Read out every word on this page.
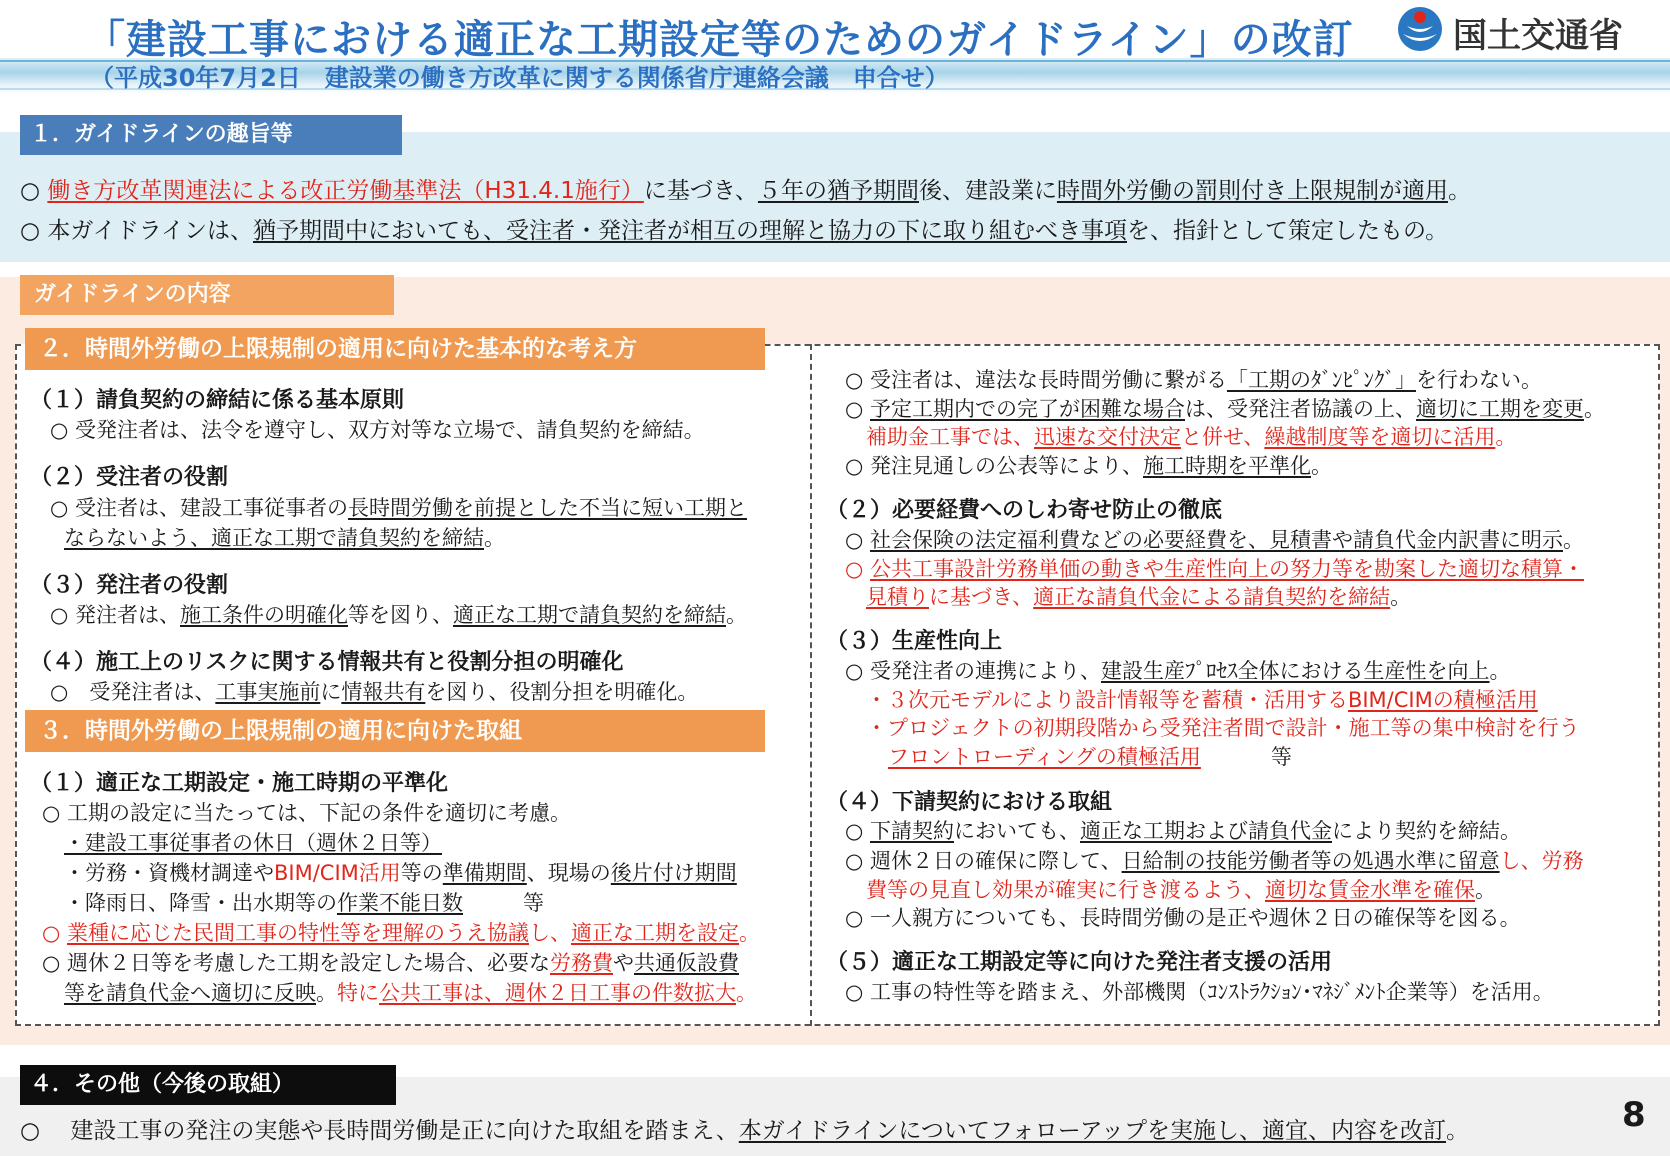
「建設工事における適正な工期設定等のためのガイドライン」の改訂
（平成30年7月2日　建設業の働き方改革に関する関係省庁連絡会議　申合せ）
国土交通省
１．ガイドラインの趣旨等
○ 働き方改革関連法による改正労働基準法（H31.4.1施行）に基づき、５年の猶予期間後、建設業に時間外労働の罰則付き上限規制が適用。
○ 本ガイドラインは、猶予期間中においても、受注者・発注者が相互の理解と協力の下に取り組むべき事項を、指針として策定したもの。
ガイドラインの内容
２．時間外労働の上限規制の適用に向けた基本的な考え方
（１）請負契約の締結に係る基本原則
○ 受発注者は、法令を遵守し、双方対等な立場で、請負契約を締結。
（２）受注者の役割
○ 受注者は、建設工事従事者の長時間労働を前提とした不当に短い工期と
ならないよう、適正な工期で請負契約を締結。
（３）発注者の役割
○ 発注者は、施工条件の明確化等を図り、適正な工期で請負契約を締結。
（４）施工上のリスクに関する情報共有と役割分担の明確化
○　受発注者は、工事実施前に情報共有を図り、役割分担を明確化。
３．時間外労働の上限規制の適用に向けた取組
（１）適正な工期設定・施工時期の平準化
○ 工期の設定に当たっては、下記の条件を適切に考慮。
・建設工事従事者の休日（週休２日等）
・労務・資機材調達やBIM/CIM活用等の準備期間、現場の後片付け期間
・降雨日、降雪・出水期等の作業不能日数	等
○ 業種に応じた民間工事の特性等を理解のうえ協議し、適正な工期を設定。
○ 週休２日等を考慮した工期を設定した場合、必要な労務費や共通仮設費
等を請負代金へ適切に反映。特に公共工事は、週休２日工事の件数拡大。
○ 受注者は、違法な長時間労働に繋がる「工期のﾀﾞﾝﾋﾟﾝｸﾞ」を行わない。
○ 予定工期内での完了が困難な場合は、受発注者協議の上、適切に工期を変更。
補助金工事では、迅速な交付決定と併せ、繰越制度等を適切に活用。
○ 発注見通しの公表等により、施工時期を平準化。
（２）必要経費へのしわ寄せ防止の徹底
○ 社会保険の法定福利費などの必要経費を、見積書や請負代金内訳書に明示。
○ 公共工事設計労務単価の動きや生産性向上の努力等を勘案した適切な積算・
見積りに基づき、適正な請負代金による請負契約を締結。
（３）生産性向上
○ 受発注者の連携により、建設生産ﾌﾟﾛｾｽ全体における生産性を向上。
・３次元モデルにより設計情報等を蓄積・活用するBIM/CIMの積極活用
・プロジェクトの初期段階から受発注者間で設計・施工等の集中検討を行う
フロントローディングの積極活用	等
（４）下請契約における取組
○ 下請契約においても、適正な工期および請負代金により契約を締結。
○ 週休２日の確保に際して、日給制の技能労働者等の処遇水準に留意し、労務
費等の見直し効果が確実に行き渡るよう、適切な賃金水準を確保。
○ 一人親方についても、長時間労働の是正や週休２日の確保等を図る。
（５）適正な工期設定等に向けた発注者支援の活用
○ 工事の特性等を踏まえ、外部機関（ｺﾝｽﾄﾗｸｼｮﾝ･ﾏﾈｼﾞﾒﾝﾄ企業等）を活用。
４．その他（今後の取組）
○　 建設工事の発注の実態や長時間労働是正に向けた取組を踏まえ、本ガイドラインについてフォローアップを実施し、適宜、内容を改訂。	8
